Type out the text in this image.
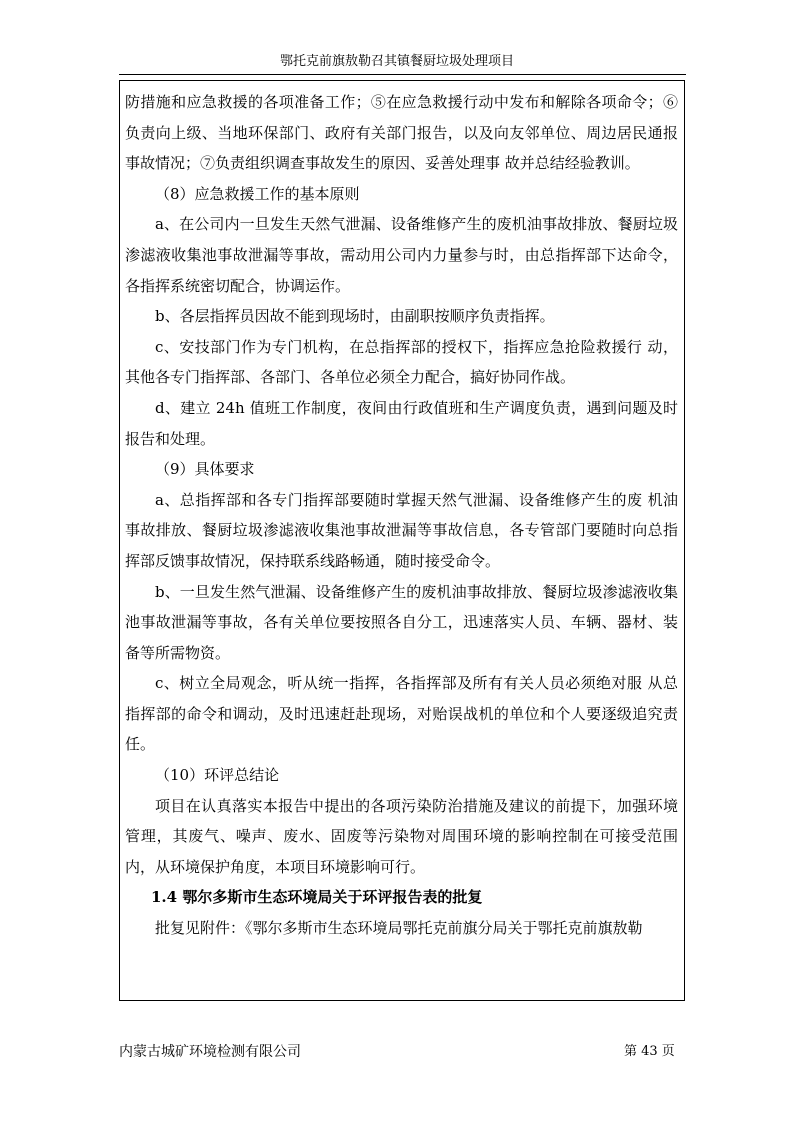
鄂托克前旗敖勒召其镇餐厨垃圾处理项目

防措施和应急救援的各项准备工作；⑤在应急救援行动中发布和解除各项命令；⑥负责向上级、当地环保部门、政府有关部门报告，以及向友邻单位、周边居民通报事故情况；⑦负责组织调查事故发生的原因、妥善处理事 故并总结经验教训。

（8）应急救援工作的基本原则

a、在公司内一旦发生天然气泄漏、设备维修产生的废机油事故排放、餐厨垃圾渗滤液收集池事故泄漏等事故，需动用公司内力量参与时，由总指挥部下达命令，各指挥系统密切配合，协调运作。

b、各层指挥员因故不能到现场时，由副职按顺序负责指挥。

c、安技部门作为专门机构，在总指挥部的授权下，指挥应急抢险救援行 动，其他各专门指挥部、各部门、各单位必须全力配合，搞好协同作战。

d、建立 24h 值班工作制度，夜间由行政值班和生产调度负责，遇到问题及时报告和处理。

（9）具体要求

a、总指挥部和各专门指挥部要随时掌握天然气泄漏、设备维修产生的废 机油事故排放、餐厨垃圾渗滤液收集池事故泄漏等事故信息，各专管部门要随时向总指挥部反馈事故情况，保持联系线路畅通，随时接受命令。

b、一旦发生然气泄漏、设备维修产生的废机油事故排放、餐厨垃圾渗滤液收集池事故泄漏等事故，各有关单位要按照各自分工，迅速落实人员、车辆、器材、装备等所需物资。

c、树立全局观念，听从统一指挥，各指挥部及所有有关人员必须绝对服 从总指挥部的命令和调动，及时迅速赶赴现场，对贻误战机的单位和个人要逐级追究责任。

（10）环评总结论

项目在认真落实本报告中提出的各项污染防治措施及建议的前提下，加强环境管理，其废气、噪声、废水、固废等污染物对周围环境的影响控制在可接受范围内，从环境保护角度，本项目环境影响可行。

1.4 鄂尔多斯市生态环境局关于环评报告表的批复

批复见附件：《鄂尔多斯市生态环境局鄂托克前旗分局关于鄂托克前旗敖勒

内蒙古城矿环境检测有限公司	第 43 页
